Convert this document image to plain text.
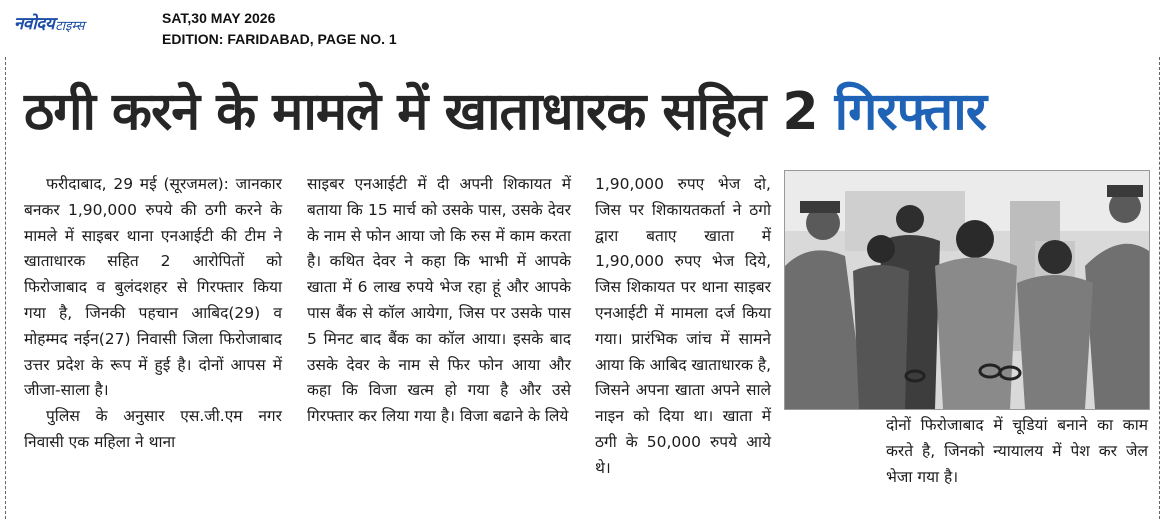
नवोदय टाइम्स
SAT,30 MAY 2026
EDITION: FARIDABAD, PAGE NO. 1
ठगी करने के मामले में खाताधारक सहित 2 गिरफ्तार

फरीदाबाद, 29 मई (सूरजमल): जानकार बनकर 1,90,000 रुपये की ठगी करने के मामले में साइबर थाना एनआईटी की टीम ने खाताधारक सहित 2 आरोपितों को फिरोजाबाद व बुलंदशहर से गिरफ्तार किया गया है, जिनकी पहचान आबिद(29) व मोहम्मद नईन(27) निवासी जिला फिरोजाबाद उत्तर प्रदेश के रूप में हुई है। दोनों आपस में जीजा-साला है।

पुलिस के अनुसार एस.जी.एम नगर निवासी एक महिला ने थाना

साइबर एनआईटी में दी अपनी शिकायत में बताया कि 15 मार्च को उसके पास, उसके देवर के नाम से फोन आया जो कि रुस में काम करता है। कथित देवर ने कहा कि भाभी में आपके खाता में 6 लाख रुपये भेज रहा हूं और आपके पास बैंक से कॉल आयेगा, जिस पर उसके पास 5 मिनट बाद बैंक का कॉल आया। इसके बाद उसके देवर के नाम से फिर फोन आया और कहा कि विजा खत्म हो गया है और उसे गिरफ्तार कर लिया गया है। विजा बढाने के लिये

1,90,000 रुपए भेज दो, जिस पर शिकायतकर्ता ने ठगो द्वारा बताए खाता में 1,90,000 रुपए भेज दिये, जिस शिकायत पर थाना साइबर एनआईटी में मामला दर्ज किया गया। प्रारंभिक जांच में सामने आया कि आबिद खाताधारक है, जिसने अपना खाता अपने साले नाइन को दिया था। खाता में ठगी के 50,000 रुपये आये थे।

दोनों फिरोजाबाद में चूडियां बनाने का काम करते है, जिनको न्यायालय में पेश कर जेल भेजा गया है।
